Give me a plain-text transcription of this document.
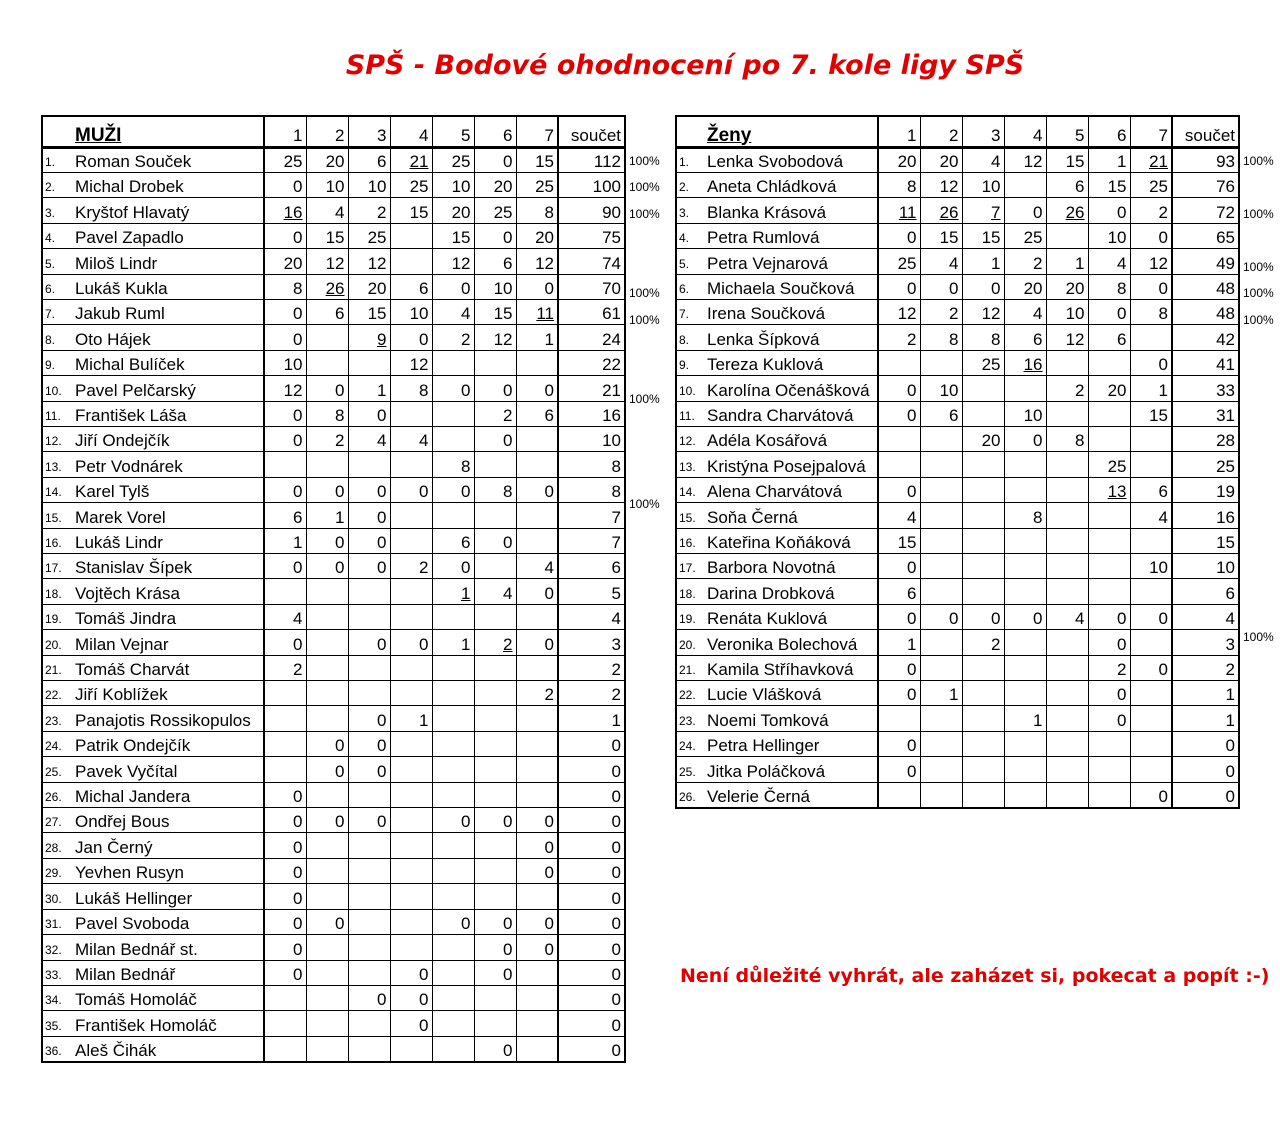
SPŠ - Bodové ohodnocení po 7. kole ligy SPŠ
	MUŽI	1	2	3	4	5	6	7	součet
1.	Roman Souček	25	20	6	21	25	0	15	112
2.	Michal Drobek	0	10	10	25	10	20	25	100
3.	Kryštof Hlavatý	16	4	2	15	20	25	8	90
4.	Pavel Zapadlo	0	15	25		15	0	20	75
5.	Miloš Lindr	20	12	12		12	6	12	74
6.	Lukáš Kukla	8	26	20	6	0	10	0	70
7.	Jakub Ruml	0	6	15	10	4	15	11	61
8.	Oto Hájek	0		9	0	2	12	1	24
9.	Michal Bulíček	10			12				22
10.	Pavel Pelčarský	12	0	1	8	0	0	0	21
11.	František Láša	0	8	0			2	6	16
12.	Jiří Ondejčík	0	2	4	4		0		10
13.	Petr Vodnárek					8			8
14.	Karel Tylš	0	0	0	0	0	8	0	8
15.	Marek Vorel	6	1	0					7
16.	Lukáš Lindr	1	0	0		6	0		7
17.	Stanislav Šípek	0	0	0	2	0		4	6
18.	Vojtěch Krása					1	4	0	5
19.	Tomáš Jindra	4							4
20.	Milan Vejnar	0		0	0	1	2	0	3
21.	Tomáš Charvát	2							2
22.	Jiří Koblížek							2	2
23.	Panajotis Rossikopulos			0	1				1
24.	Patrik Ondejčík		0	0					0
25.	Pavek Vyčítal		0	0					0
26.	Michal Jandera	0							0
27.	Ondřej Bous	0	0	0		0	0	0	0
28.	Jan Černý	0						0	0
29.	Yevhen Rusyn	0						0	0
30.	Lukáš Hellinger	0							0
31.	Pavel Svoboda	0	0			0	0	0	0
32.	Milan Bednář st.	0					0	0	0
33.	Milan Bednář	0			0		0		0
34.	Tomáš Homoláč			0	0				0
35.	František Homoláč				0				0
36.	Aleš Čihák						0		0
	Ženy	1	2	3	4	5	6	7	součet
1.	Lenka Svobodová	20	20	4	12	15	1	21	93
2.	Aneta Chládková	8	12	10		6	15	25	76
3.	Blanka Krásová	11	26	7	0	26	0	2	72
4.	Petra Rumlová	0	15	15	25		10	0	65
5.	Petra Vejnarová	25	4	1	2	1	4	12	49
6.	Michaela Součková	0	0	0	20	20	8	0	48
7.	Irena Součková	12	2	12	4	10	0	8	48
8.	Lenka Šípková	2	8	8	6	12	6		42
9.	Tereza Kuklová			25	16			0	41
10.	Karolína Očenášková	0	10			2	20	1	33
11.	Sandra Charvátová	0	6		10			15	31
12.	Adéla Kosářová			20	0	8			28
13.	Kristýna Posejpalová						25		25
14.	Alena Charvátová	0					13	6	19
15.	Soňa Černá	4			8			4	16
16.	Kateřina Koňáková	15							15
17.	Barbora Novotná	0						10	10
18.	Darina Drobková	6							6
19.	Renáta Kuklová	0	0	0	0	4	0	0	4
20.	Veronika Bolechová	1		2			0		3
21.	Kamila Stříhavková	0					2	0	2
22.	Lucie Vlášková	0	1				0		1
23.	Noemi Tomková				1		0		1
24.	Petra Hellinger	0							0
25.	Jitka Poláčková	0							0
26.	Velerie Černá							0	0
Není důležité vyhrát, ale zaházet si, pokecat a popít :-)
100%
100%
100%
100%
100%
100%
100%
100%
100%
100%
100%
100%
100%
